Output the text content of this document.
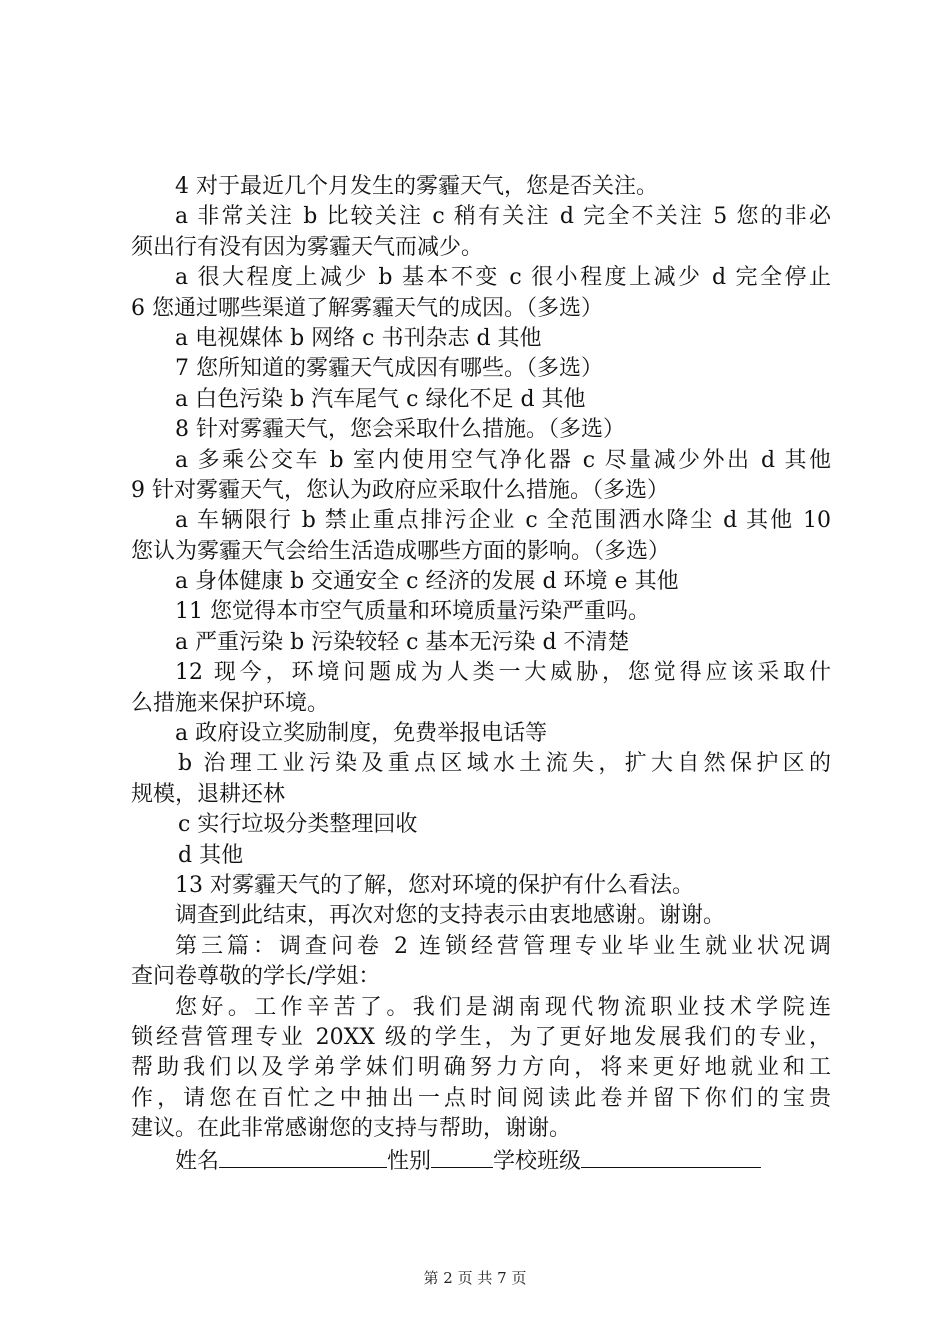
4 对于最近几个月发生的雾霾天气，您是否关注。
a 非常关注 b 比较关注 c 稍有关注 d 完全不关注 5 您的非必
须出行有没有因为雾霾天气而减少。
a 很大程度上减少 b 基本不变 c 很小程度上减少 d 完全停止
6 您通过哪些渠道了解雾霾天气的成因。（多选）
a 电视媒体 b 网络 c 书刊杂志 d 其他
7 您所知道的雾霾天气成因有哪些。（多选）
a 白色污染 b 汽车尾气 c 绿化不足 d 其他
8 针对雾霾天气，您会采取什么措施。（多选）
a 多乘公交车 b 室内使用空气净化器 c 尽量减少外出 d 其他
9 针对雾霾天气，您认为政府应采取什么措施。（多选）
a 车辆限行 b 禁止重点排污企业 c 全范围洒水降尘 d 其他 10
您认为雾霾天气会给生活造成哪些方面的影响。（多选）
a 身体健康 b 交通安全 c 经济的发展 d 环境 e 其他
11 您觉得本市空气质量和环境质量污染严重吗。
a 严重污染 b 污染较轻 c 基本无污染 d 不清楚
12 现今，环境问题成为人类一大威胁，您觉得应该采取什
么措施来保护环境。
a 政府设立奖励制度，免费举报电话等
b 治理工业污染及重点区域水土流失，扩大自然保护区的
规模，退耕还林
c 实行垃圾分类整理回收
d 其他
13 对雾霾天气的了解，您对环境的保护有什么看法。
调查到此结束，再次对您的支持表示由衷地感谢。谢谢。
第三篇：调查问卷 2 连锁经营管理专业毕业生就业状况调
查问卷尊敬的学长/学姐：
您好。工作辛苦了。我们是湖南现代物流职业技术学院连
锁经营管理专业 20XX 级的学生，为了更好地发展我们的专业，
帮助我们以及学弟学妹们明确努力方向，将来更好地就业和工
作，请您在百忙之中抽出一点时间阅读此卷并留下你们的宝贵
建议。在此非常感谢您的支持与帮助，谢谢。
姓名	性别	学校班级
第 2 页 共 7 页
